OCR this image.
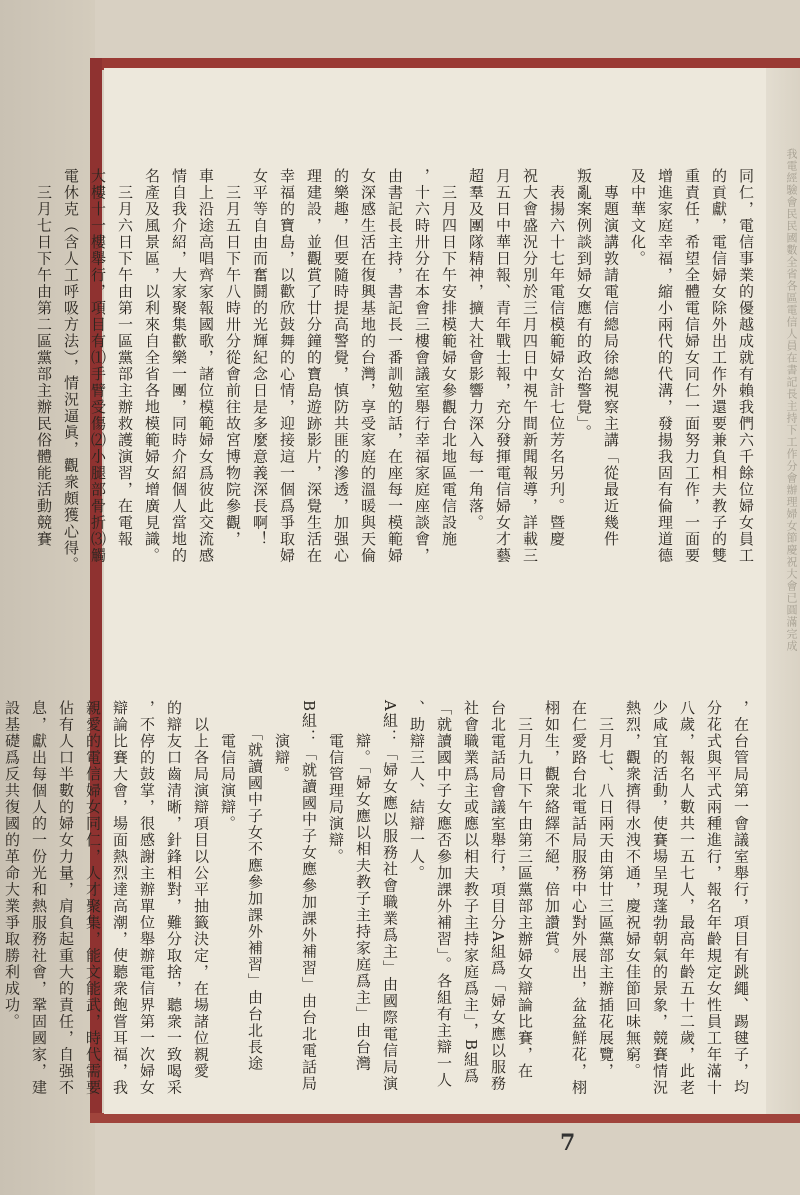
我電經驗會民民國數全省各區電信人員在書記長主持下工作分會辦理婦女節慶祝大會已圓滿完成

同仁，電信事業的優越成就有賴我們六千餘位婦女員工

的貢獻，電信婦女除外出工作外還要兼負相夫教子的雙

重責任，希望全體電信婦女同仁一面努力工作，一面要

增進家庭幸福，縮小兩代的代溝，發揚我固有倫理道德

及中華文化。

　專題演講敦請電信總局徐總視察主講「從最近幾件

叛亂案例談到婦女應有的政治警覺」。

　表揚六十七年電信模範婦女計七位芳名另刋。暨慶

祝大會盛況分別於三月四日中視午間新聞報導，詳載三

月五日中華日報、青年戰士報，充分發揮電信婦女才藝

超羣及團隊精神，擴大社會影響力深入每一角落。

　三月四日下午安排模範婦女參觀台北地區電信設施

，十六時卅分在本會三樓會議室舉行幸福家庭座談會，

由書記長主持，書記長一番訓勉的話，在座每一模範婦

女深感生活在復興基地的台灣，享受家庭的溫暖與天倫

的樂趣，但要隨時提高警覺，慎防共匪的滲透，加强心

理建設，並觀賞了廿分鐘的寶島遊跡影片，深覺生活在

幸福的寶島，以歡欣鼓舞的心情，迎接這一個爲爭取婦

女平等自由而奮鬪的光輝紀念日是多麼意義深長啊！

　三月五日下午八時卅分從會前往故宮博物院參觀，

車上沿途高唱齊家報國歌，諸位模範婦女爲彼此交流感

情自我介紹，大家聚集歡樂一團，同時介紹個人當地的

名產及風景區，以利來自全省各地模範婦女增廣見識。

　三月六日下午由第一區黨部主辦救護演習，在電報

大樓十一樓舉行，項目有⑴手臂受傷⑵小腿部骨折⑶觸

電休克（含人工呼吸方法），情況逼眞，觀衆頗獲心得。

　三月七日下午由第二區黨部主辦民俗體能活動競賽

，在台管局第一會議室舉行，項目有跳繩、踢毽子，均

分花式與平式兩種進行，報名年齡規定女性員工年滿十

八歲，報名人數共一五七人，最高年齡五十二歲，此老

少咸宜的活動，使賽場呈現蓬勃朝氣的景象，競賽情況

熱烈，觀衆擠得水洩不通，慶祝婦女佳節回味無窮。

　三月七、八日兩天由第廿三區黨部主辦插花展覽，

在仁愛路台北電話局服務中心對外展出，盆盆鮮花，栩

栩如生，觀衆絡繹不絕，倍加讚賞。

　三月九日下午由第三區黨部主辦婦女辯論比賽，在

台北電話局會議室舉行，項目分A組爲「婦女應以服務

社會職業爲主或應以相夫教子主持家庭爲主」，B組爲

「就讀國中子女應否參加課外補習」。各組有主辯一人

、助辯三人、結辯一人。

A組：「婦女應以服務社會職業爲主」由國際電信局演

　　辯。「婦女應以相夫教子主持家庭爲主」由台灣

　　電信管理局演辯。

B組：「就讀國中子女應參加課外補習」由台北電話局

　　演辯。

　　「就讀國中子女不應參加課外補習」由台北長途

　　電信局演辯。

　以上各局演辯項目以公平抽籤決定，在場諸位親愛

的辯友口齒清晰，針鋒相對，難分取捨，聽衆一致喝采

，不停的鼓掌，很感謝主辦單位舉辦電信界第一次婦女

辯論比賽大會，場面熱烈達高潮，使聽衆飽嘗耳福，我

親愛的電信婦女同仁，人才聚集，能文能武，時代需要

佔有人口半數的婦女力量，肩負起重大的責任，自强不

息，獻出每個人的一份光和熱服務社會，鞏固國家，建

設基礎爲反共復國的革命大業爭取勝利成功。

7
